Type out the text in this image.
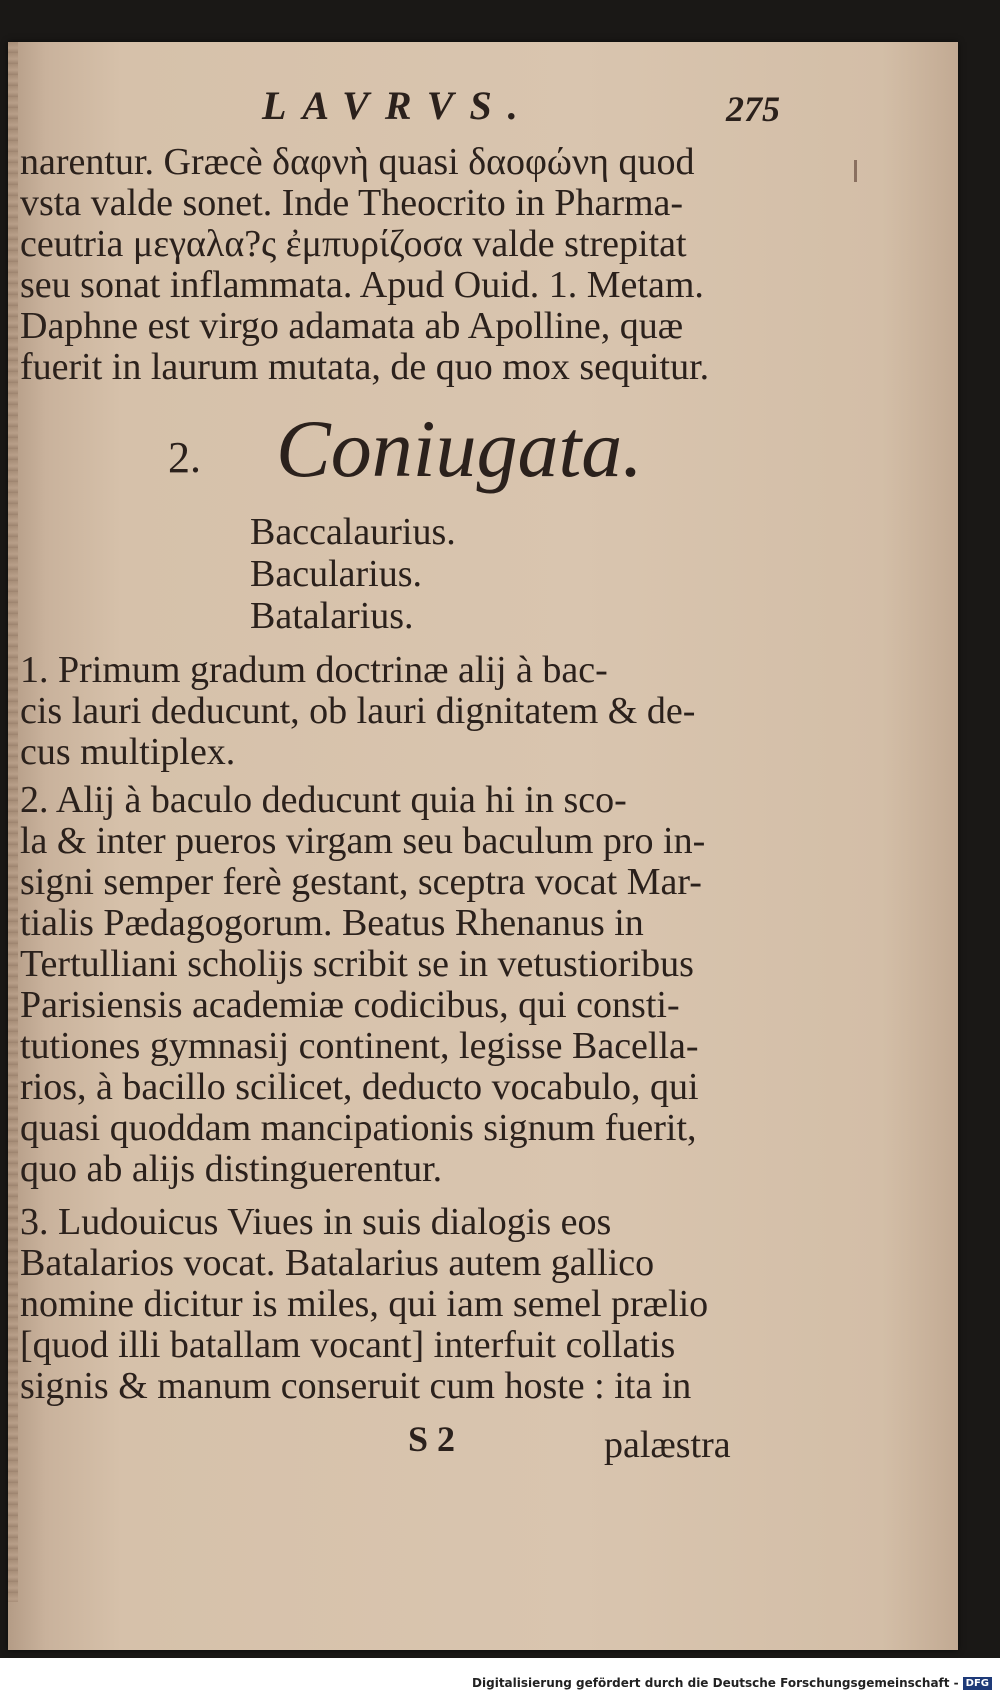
LAVRVS.	275
narentur. Græcè δαφνὴ quasi δαοφώνη quod
vsta valde sonet. Inde Theocrito in Pharma-
ceutria μεγαλα?ς ἐμπυρίζοσα valde strepitat
seu sonat inflammata. Apud Ouid. 1. Metam.
Daphne est virgo adamata ab Apolline, quæ
fuerit in laurum mutata, de quo mox sequitur.
2. Coniugata.
Baccalaurius.
Bacularius.
Batalarius.
1. Primum gradum doctrinæ alij à bac-
cis lauri deducunt, ob lauri dignitatem & de-
cus multiplex.
2. Alij à baculo deducunt quia hi in sco-
la & inter pueros virgam seu baculum pro in-
signi semper ferè gestant, sceptra vocat Mar-
tialis Pædagogorum. Beatus Rhenanus in
Tertulliani scholijs scribit se in vetustioribus
Parisiensis academiæ codicibus, qui consti-
tutiones gymnasij continent, legisse Bacella-
rios, à bacillo scilicet, deducto vocabulo, qui
quasi quoddam mancipationis signum fuerit,
quo ab alijs distinguerentur.
3. Ludouicus Viues in suis dialogis eos
Batalarios vocat. Batalarius autem gallico
nomine dicitur is miles, qui iam semel prælio
[quod illi batallam vocant] interfuit collatis
signis & manum conseruit cum hoste : ita in
S 2	palæstra
Digitalisierung gefördert durch die Deutsche Forschungsgemeinschaft - DFG
